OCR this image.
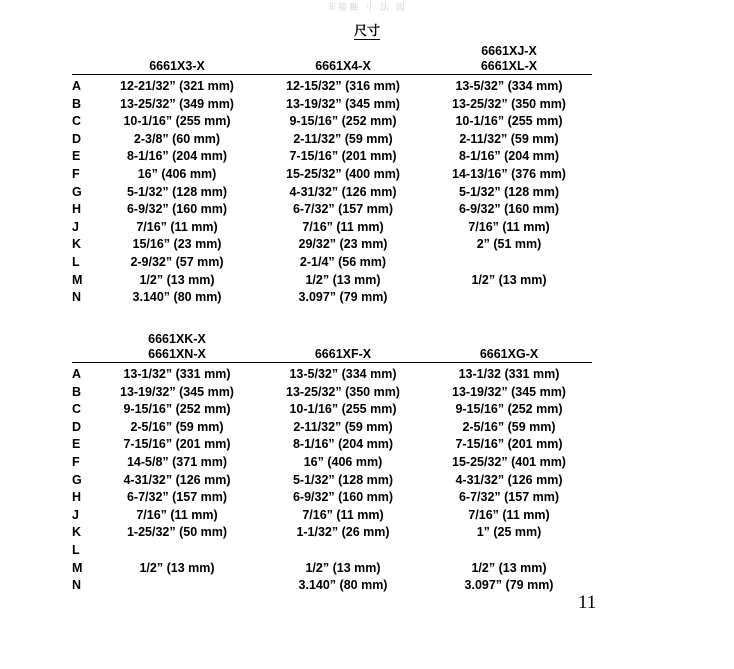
非接触 寸 法 図
尺寸
			6661XJ-X
	6661X3-X	6661X4-X	6661XL-X

A	12-21/32” (321 mm)	12-15/32” (316 mm)	13-5/32” (334 mm)
B	13-25/32” (349 mm)	13-19/32” (345 mm)	13-25/32” (350 mm)
C	10-1/16” (255 mm)	9-15/16” (252 mm)	10-1/16” (255 mm)
D	2-3/8” (60 mm)	2-11/32” (59 mm)	2-11/32” (59 mm)
E	8-1/16” (204 mm)	7-15/16” (201 mm)	8-1/16” (204 mm)
F	16” (406 mm)	15-25/32” (400 mm)	14-13/16” (376 mm)
G	5-1/32” (128 mm)	4-31/32” (126 mm)	5-1/32” (128 mm)
H	6-9/32” (160 mm)	6-7/32” (157 mm)	6-9/32” (160 mm)
J	7/16” (11 mm)	7/16” (11 mm)	7/16” (11 mm)
K	15/16” (23 mm)	29/32” (23 mm)	2” (51 mm)
L	2-9/32” (57 mm)	2-1/4” (56 mm)	
M	1/2” (13 mm)	1/2” (13 mm)	1/2” (13 mm)
N	3.140” (80 mm)	3.097” (79 mm)	
	6661XK-X		
	6661XN-X	6661XF-X	6661XG-X

A	13-1/32” (331 mm)	13-5/32” (334 mm)	13-1/32 (331 mm)
B	13-19/32” (345 mm)	13-25/32” (350 mm)	13-19/32” (345 mm)
C	9-15/16” (252 mm)	10-1/16” (255 mm)	9-15/16” (252 mm)
D	2-5/16” (59 mm)	2-11/32” (59 mm)	2-5/16” (59 mm)
E	7-15/16” (201 mm)	8-1/16” (204 mm)	7-15/16” (201 mm)
F	14-5/8” (371 mm)	16” (406 mm)	15-25/32” (401 mm)
G	4-31/32” (126 mm)	5-1/32” (128 mm)	4-31/32” (126 mm)
H	6-7/32” (157 mm)	6-9/32” (160 mm)	6-7/32” (157 mm)
J	7/16” (11 mm)	7/16” (11 mm)	7/16” (11 mm)
K	1-25/32” (50 mm)	1-1/32” (26 mm)	1” (25 mm)
L			
M	1/2” (13 mm)	1/2” (13 mm)	1/2” (13 mm)
N		3.140” (80 mm)	3.097” (79 mm)
11
